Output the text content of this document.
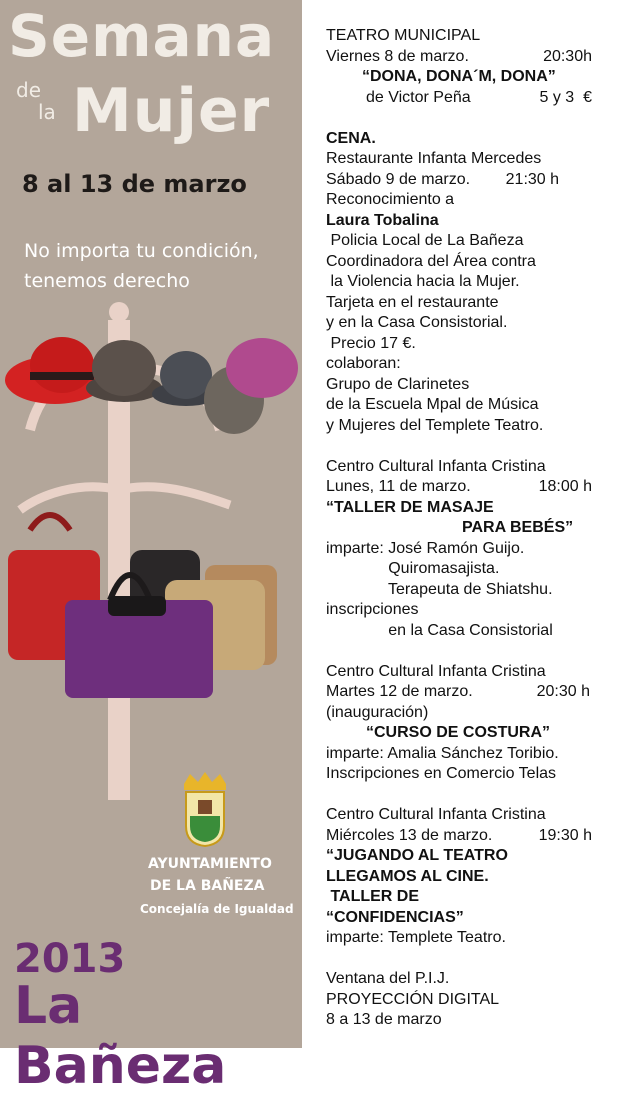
Semana
de
la Mujer
8 al 13 de marzo
No importa tu condición,
tenemos derecho
AYUNTAMIENTO
DE LA BAÑEZA
Concejalía de Igualdad
2013
La Bañeza
TEATRO MUNICIPAL
Viernes 8 de marzo.	20:30h
“DONA, DONA´M, DONA”
de Victor Peña	5 y 3  €
CENA.
Restaurante Infanta Mercedes
Sábado 9 de marzo.        21:30 h
Reconocimiento a
Laura Tobalina
Policia Local de La Bañeza
Coordinadora del Área contra
la Violencia hacia la Mujer.
Tarjeta en el restaurante
y en la Casa Consistorial.
Precio 17 €.
colaboran:
Grupo de Clarinetes
de la Escuela Mpal de Música
y Mujeres del Templete Teatro.
Centro Cultural Infanta Cristina
Lunes, 11 de marzo.	18:00 h
“TALLER DE MASAJE
PARA BEBÉS”
imparte: José Ramón Guijo.
Quiromasajista.
Terapeuta de Shiatshu.
inscripciones
en la Casa Consistorial
Centro Cultural Infanta Cristina
Martes 12 de marzo.	20:30 h
(inauguración)
“CURSO DE COSTURA”
imparte: Amalia Sánchez Toribio.
Inscripciones en Comercio Telas
Centro Cultural Infanta Cristina
Miércoles 13 de marzo.	19:30 h
“JUGANDO AL TEATRO
LLEGAMOS AL CINE.
TALLER DE
“CONFIDENCIAS”
imparte: Templete Teatro.
Ventana del P.I.J.
PROYECCIÓN DIGITAL
8 a 13 de marzo
